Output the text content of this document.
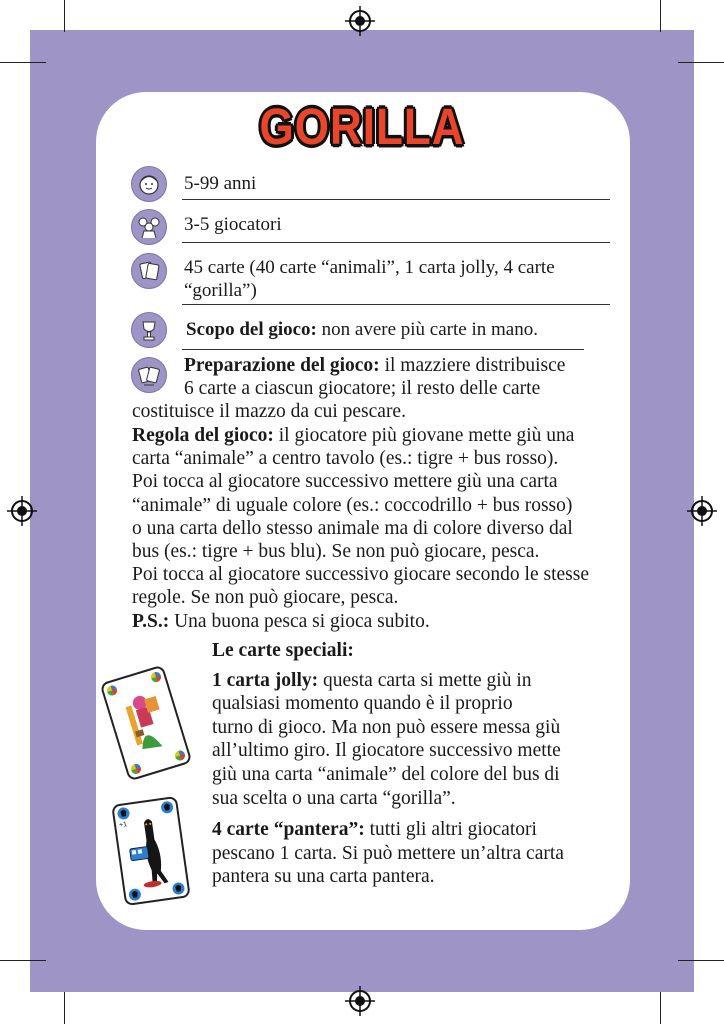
GORILLA
5-99 anni
3-5 giocatori
45 carte (40 carte “animali”, 1 carta jolly, 4 carte
“gorilla”)
Scopo del gioco: non avere più carte in mano.
Preparazione del gioco: il mazziere distribuisce
6 carte a ciascun giocatore; il resto delle carte
costituisce il mazzo da cui pescare.
Regola del gioco: il giocatore più giovane mette giù una
carta “animale” a centro tavolo (es.: tigre + bus rosso).
Poi tocca al giocatore successivo mettere giù una carta
“animale” di uguale colore (es.: coccodrillo + bus rosso)
o una carta dello stesso animale ma di colore diverso dal
bus (es.: tigre + bus blu). Se non può giocare, pesca.
Poi tocca al giocatore successivo giocare secondo le stesse
regole. Se non può giocare, pesca.
P.S.: Una buona pesca si gioca subito.
Le carte speciali:

1 carta jolly: questa carta si mette giù in
qualsiasi momento quando è il proprio
turno di gioco. Ma non può essere messa giù
all’ultimo giro. Il giocatore successivo mette
giù una carta “animale” del colore del bus di
sua scelta o una carta “gorilla”.

4 carte “pantera”: tutti gli altri giocatori
pescano 1 carta. Si può mettere un’altra carta
pantera su una carta pantera.
+1
